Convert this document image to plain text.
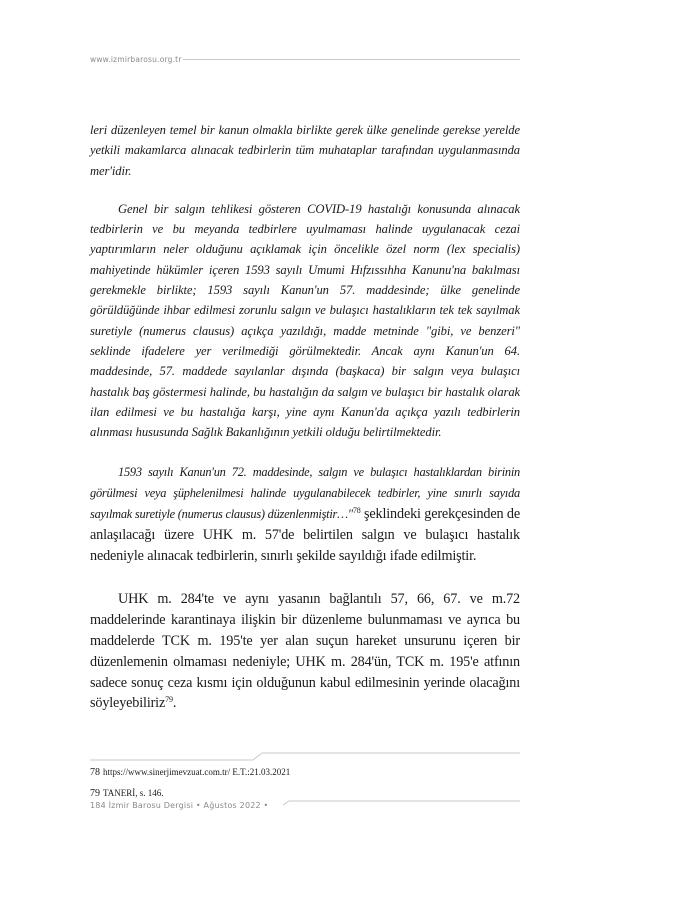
www.izmirbarosu.org.tr

leri düzenleyen temel bir kanun olmakla birlikte gerek ülke genelinde gerekse yerelde yetkili makamlarca alınacak tedbirlerin tüm muhataplar tarafından uygulanmasında mer'idir.

Genel bir salgın tehlikesi gösteren COVID-19 hastalığı konusunda alınacak tedbirlerin ve bu meyanda tedbirlere uyulmaması halinde uygulanacak cezai yaptırımların neler olduğunu açıklamak için öncelikle özel norm (lex specialis) mahiyetinde hükümler içeren 1593 sayılı Umumi Hıfzıssıhha Kanunu'na bakılması gerekmekle birlikte; 1593 sayılı Kanun'un 57. maddesinde; ülke genelinde görüldüğünde ihbar edilmesi zorunlu salgın ve bulaşıcı hastalıkların tek tek sayılmak suretiyle (numerus clausus) açıkça yazıldığı, madde metninde "gibi, ve benzeri" seklinde ifadelere yer verilmediği görülmektedir. Ancak aynı Kanun'un 64. maddesinde, 57. maddede sayılanlar dışında (başkaca) bir salgın veya bulaşıcı hastalık baş göstermesi halinde, bu hastalığın da salgın ve bulaşıcı bir hastalık olarak ilan edilmesi ve bu hastalığa karşı, yine aynı Kanun'da açıkça yazılı tedbirlerin alınması hususunda Sağlık Bakanlığının yetkili olduğu belirtilmektedir.

1593 sayılı Kanun'un 72. maddesinde, salgın ve bulaşıcı hastalıklardan birinin görülmesi veya şüphelenilmesi halinde uygulanabilecek tedbirler, yine sınırlı sayıda sayılmak suretiyle (numerus clausus) düzenlenmiştir…"$^{78}$ şeklindeki gerekçesinden de anlaşılacağı üzere UHK m. 57'de belirtilen salgın ve bulaşıcı hastalık nedeniyle alınacak tedbirlerin, sınırlı şekilde sayıldığı ifade edilmiştir.

UHK m. 284'te ve aynı yasanın bağlantılı 57, 66, 67. ve m.72 maddelerinde karantinaya ilişkin bir düzenleme bulunmaması ve ayrıca bu maddelerde TCK m. 195'te yer alan suçun hareket unsurunu içeren bir düzenlemenin olmaması nedeniyle; UHK m. 284'ün, TCK m. 195'e atfının sadece sonuç ceza kısmı için olduğunun kabul edilmesinin yerinde olacağını söyleyebiliriz$^{79}$.

78 https://www.sinerjimevzuat.com.tr/ E.T.:21.03.2021

79 TANERİ, s. 146.

184 İzmir Barosu Dergisi • Ağustos 2022 •
